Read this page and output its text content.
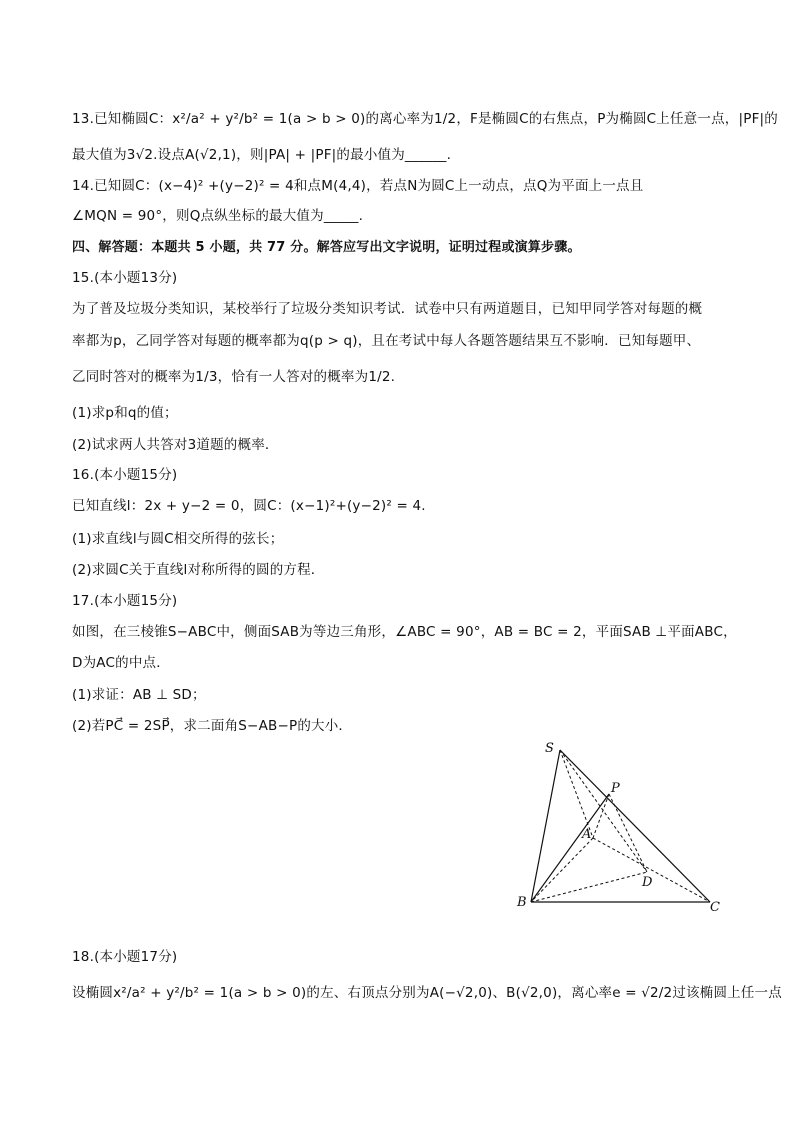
13.已知椭圆C：x²/a² + y²/b² = 1(a > b > 0)的离心率为1/2，F是椭圆C的右焦点，P为椭圆C上任意一点，|PF|的
最大值为3√2.设点A(√2,1)，则|PA| + |PF|的最小值为______.
14.已知圆C：(x−4)² +(y−2)² = 4和点M(4,4)，若点N为圆C上一动点，点Q为平面上一点且
∠MQN = 90°，则Q点纵坐标的最大值为_____.
四、解答题：本题共 5 小题，共 77 分。解答应写出文字说明，证明过程或演算步骤。
15.(本小题13分)
为了普及垃圾分类知识，某校举行了垃圾分类知识考试．试卷中只有两道题目，已知甲同学答对每题的概
率都为p，乙同学答对每题的概率都为q(p > q)，且在考试中每人各题答题结果互不影响．已知每题甲、
乙同时答对的概率为1/3，恰有一人答对的概率为1/2.
(1)求p和q的值；
(2)试求两人共答对3道题的概率．
16.(本小题15分)
已知直线l：2x + y−2 = 0，圆C：(x−1)²+(y−2)² = 4.
(1)求直线l与圆C相交所得的弦长；
(2)求圆C关于直线l对称所得的圆的方程．
17.(本小题15分)
如图，在三棱锥S−ABC中，侧面SAB为等边三角形，∠ABC = 90°，AB = BC = 2，平面SAB ⊥平面ABC，
D为AC的中点．
(1)求证：AB ⊥ SD；
(2)若PC⃗ = 2SP⃗，求二面角S−AB−P的大小．
18.(本小题17分)
设椭圆x²/a² + y²/b² = 1(a > b > 0)的左、右顶点分别为A(−√2,0)、B(√2,0)，离心率e = √2/2过该椭圆上任一点
S
P
A
D
B	C
